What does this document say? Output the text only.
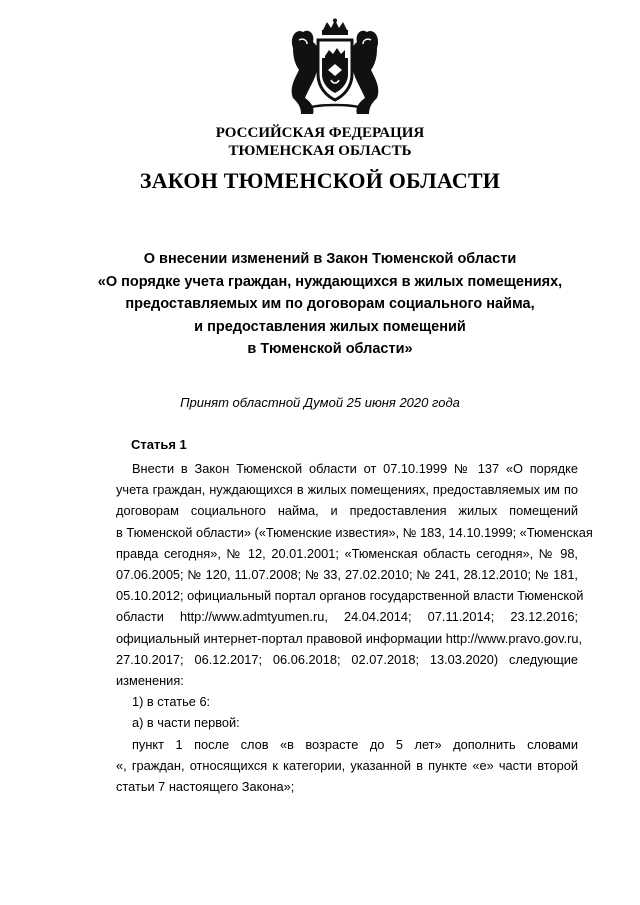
РОССИЙСКАЯ ФЕДЕРАЦИЯ
ТЮМЕНСКАЯ ОБЛАСТЬ
ЗАКОН ТЮМЕНСКОЙ ОБЛАСТИ
О внесении изменений в Закон Тюменской области
«О порядке учета граждан, нуждающихся в жилых помещениях,
предоставляемых им по договорам социального найма,
и предоставления жилых помещений
в Тюменской области»
Принят областной Думой 25 июня 2020 года
Статья 1

Внести в Закон Тюменской области от 07.10.1999 № 137 «О порядке

учета граждан, нуждающихся в жилых помещениях, предоставляемых им по

договорам социального найма, и предоставления жилых помещений

в Тюменской области» («Тюменские известия», № 183, 14.10.1999; «Тюменская

правда сегодня», № 12, 20.01.2001; «Тюменская область сегодня», № 98,

07.06.2005; № 120, 11.07.2008; № 33, 27.02.2010; № 241, 28.12.2010; № 181,

05.10.2012; официальный портал органов государственной власти Тюменской

области http://www.admtyumen.ru, 24.04.2014; 07.11.2014; 23.12.2016;

официальный интернет-портал правовой информации http://www.pravo.gov.ru,

27.10.2017; 06.12.2017; 06.06.2018; 02.07.2018; 13.03.2020) следующие

изменения:

1) в статье 6:

а) в части первой:

пункт 1 после слов «в возрасте до 5 лет» дополнить словами

«, граждан, относящихся к категории, указанной в пункте «е» части второй

статьи 7 настоящего Закона»;
